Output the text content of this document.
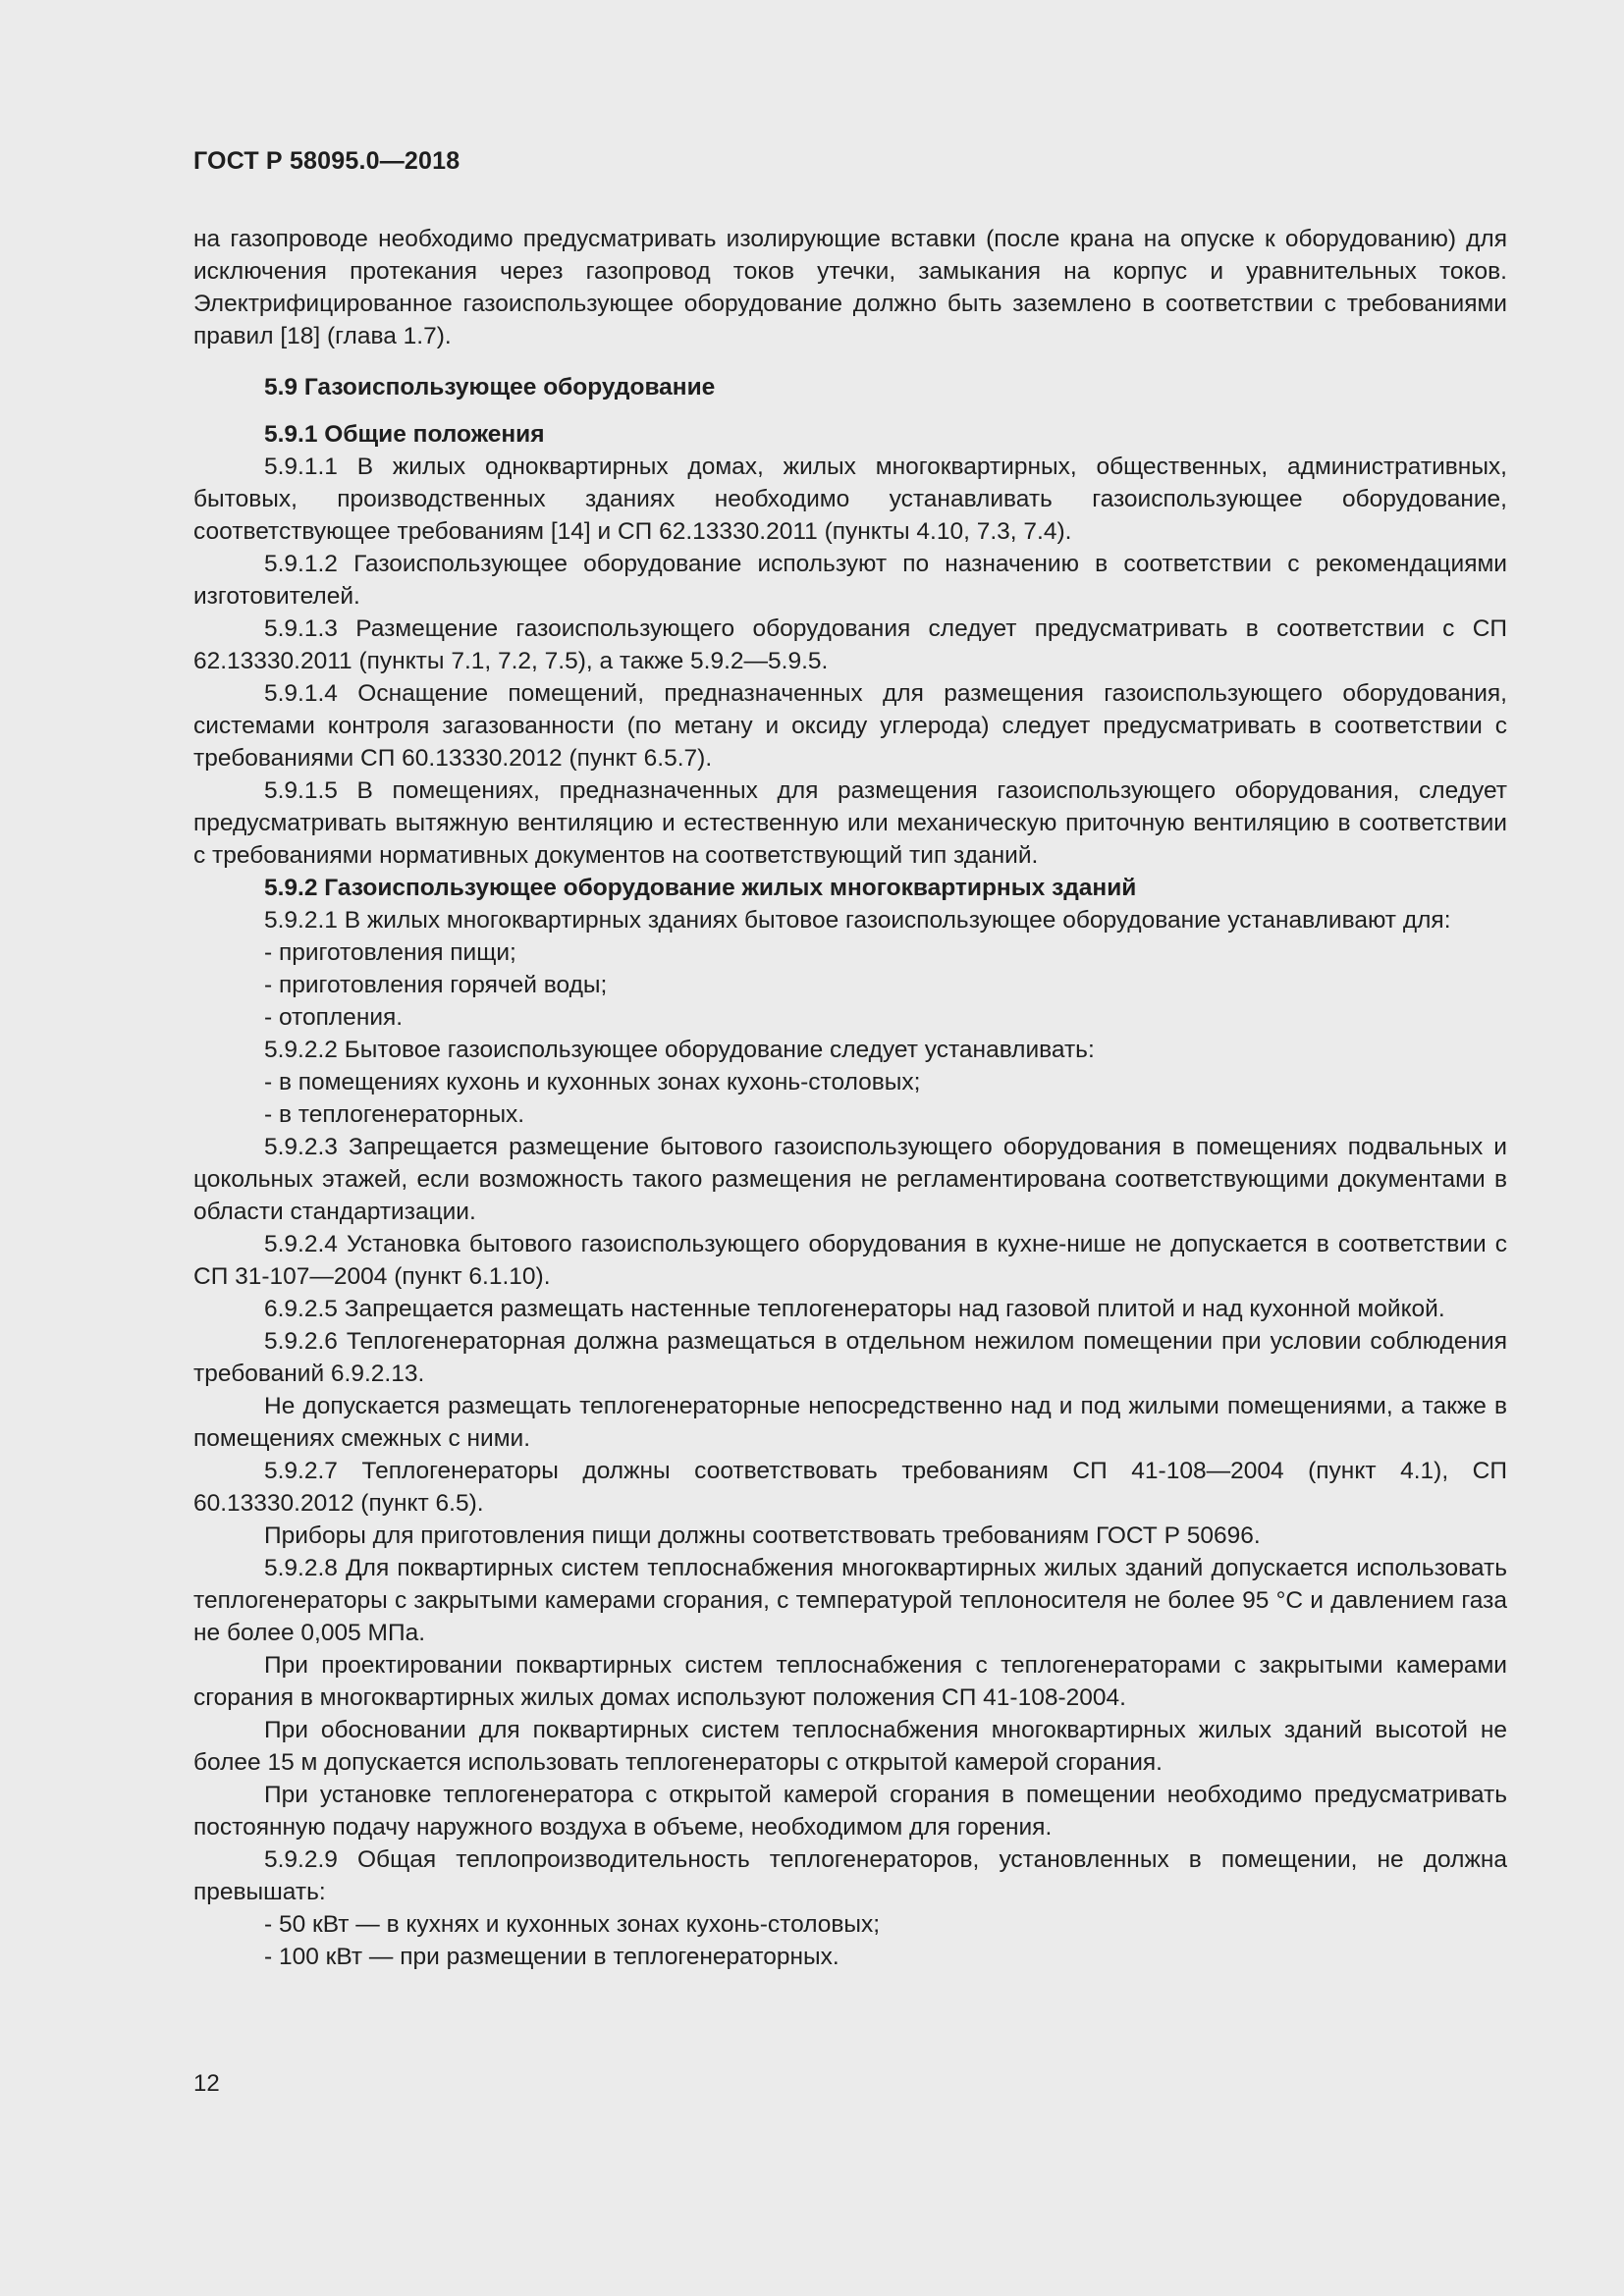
ГОСТ Р 58095.0—2018

на газопроводе необходимо предусматривать изолирующие вставки (после крана на опуске к оборудованию) для исключения протекания через газопровод токов утечки, замыкания на корпус и уравнительных токов. Электрифицированное газоиспользующее оборудование должно быть заземлено в соответствии с требованиями правил [18] (глава 1.7).

5.9 Газоиспользующее оборудование

5.9.1 Общие положения

5.9.1.1 В жилых одноквартирных домах, жилых многоквартирных, общественных, административных, бытовых, производственных зданиях необходимо устанавливать газоиспользующее оборудование, соответствующее требованиям [14] и СП 62.13330.2011 (пункты 4.10, 7.3, 7.4).

5.9.1.2 Газоиспользующее оборудование используют по назначению в соответствии с рекомендациями изготовителей.

5.9.1.3 Размещение газоиспользующего оборудования следует предусматривать в соответствии с СП 62.13330.2011 (пункты 7.1, 7.2, 7.5), а также 5.9.2—5.9.5.

5.9.1.4 Оснащение помещений, предназначенных для размещения газоиспользующего оборудования, системами контроля загазованности (по метану и оксиду углерода) следует предусматривать в соответствии с требованиями СП 60.13330.2012 (пункт 6.5.7).

5.9.1.5 В помещениях, предназначенных для размещения газоиспользующего оборудования, следует предусматривать вытяжную вентиляцию и естественную или механическую приточную вентиляцию в соответствии с требованиями нормативных документов на соответствующий тип зданий.

5.9.2 Газоиспользующее оборудование жилых многоквартирных зданий

5.9.2.1 В жилых многоквартирных зданиях бытовое газоиспользующее оборудование устанавливают для:

- приготовления пищи;

- приготовления горячей воды;

- отопления.

5.9.2.2 Бытовое газоиспользующее оборудование следует устанавливать:

- в помещениях кухонь и кухонных зонах кухонь-столовых;

- в теплогенераторных.

5.9.2.3 Запрещается размещение бытового газоиспользующего оборудования в помещениях подвальных и цокольных этажей, если возможность такого размещения не регламентирована соответствующими документами в области стандартизации.

5.9.2.4 Установка бытового газоиспользующего оборудования в кухне-нише не допускается в соответствии с СП 31-107—2004 (пункт 6.1.10).

6.9.2.5 Запрещается размещать настенные теплогенераторы над газовой плитой и над кухонной мойкой.

5.9.2.6 Теплогенераторная должна размещаться в отдельном нежилом помещении при условии соблюдения требований 6.9.2.13.

Не допускается размещать теплогенераторные непосредственно над и под жилыми помещениями, а также в помещениях смежных с ними.

5.9.2.7 Теплогенераторы должны соответствовать требованиям СП 41-108—2004 (пункт 4.1), СП 60.13330.2012 (пункт 6.5).

Приборы для приготовления пищи должны соответствовать требованиям ГОСТ Р 50696.

5.9.2.8 Для поквартирных систем теплоснабжения многоквартирных жилых зданий допускается использовать теплогенераторы с закрытыми камерами сгорания, с температурой теплоносителя не более 95 °С и давлением газа не более 0,005 МПа.

При проектировании поквартирных систем теплоснабжения с теплогенераторами с закрытыми камерами сгорания в многоквартирных жилых домах используют положения СП 41-108-2004.

При обосновании для поквартирных систем теплоснабжения многоквартирных жилых зданий высотой не более 15 м допускается использовать теплогенераторы с открытой камерой сгорания.

При установке теплогенератора с открытой камерой сгорания в помещении необходимо предусматривать постоянную подачу наружного воздуха в объеме, необходимом для горения.

5.9.2.9 Общая теплопроизводительность теплогенераторов, установленных в помещении, не должна превышать:

- 50 кВт — в кухнях и кухонных зонах кухонь-столовых;

- 100 кВт — при размещении в теплогенераторных.

12
